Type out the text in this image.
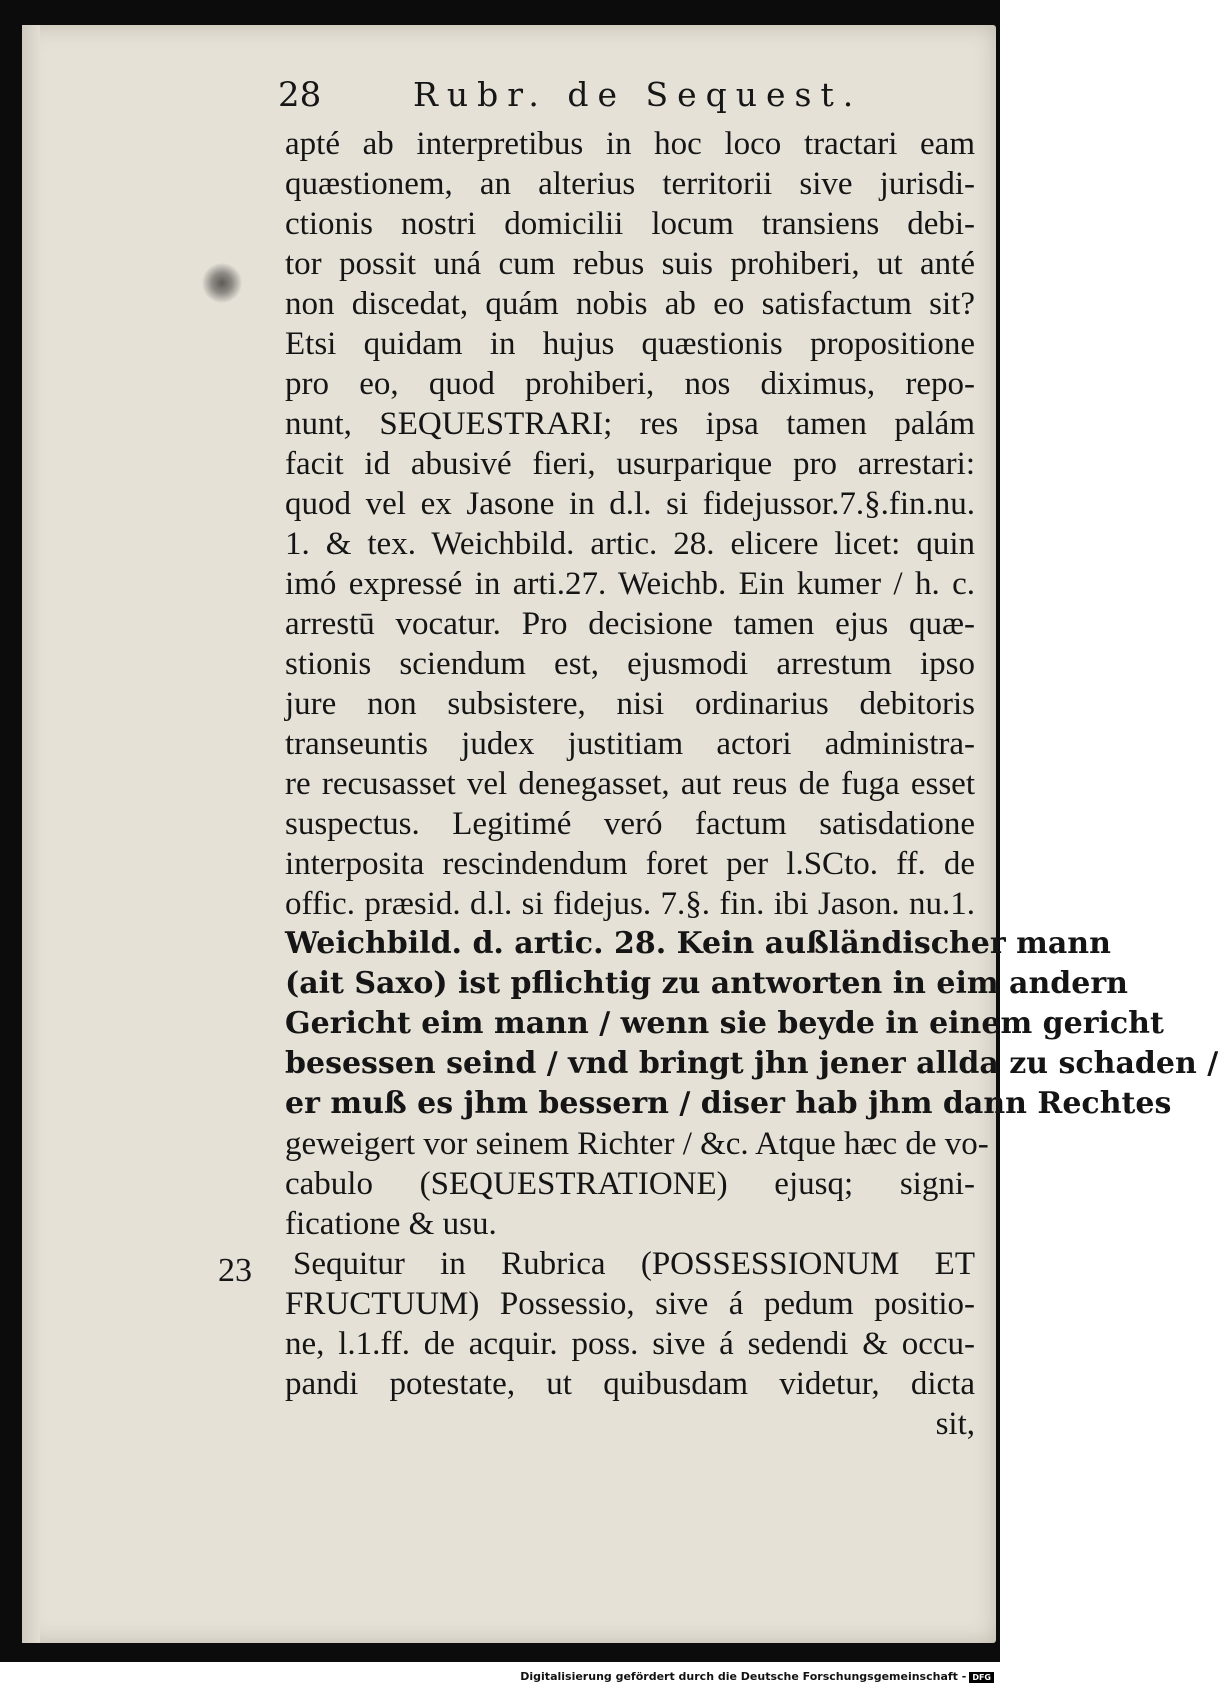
28	Rubr. de Sequest.
23
apté ab interpretibus in hoc loco tractari eam
quæstionem, an alterius territorii sive jurisdi-
ctionis nostri domicilii locum transiens debi-
tor possit uná cum rebus suis prohiberi, ut anté
non discedat, quám nobis ab eo satisfactum sit?
Etsi quidam in hujus quæstionis propositione
pro eo, quod prohiberi, nos diximus, repo-
nunt, SEQUESTRARI; res ipsa tamen palám
facit id abusivé fieri, usurparique pro arrestari:
quod vel ex Jasone in d.l. si fidejussor.7.§.fin.nu.
1. & tex. Weichbild. artic. 28. elicere licet: quin
imó expressé in arti.27. Weichb. Ein kumer / h. c.
arrestū vocatur. Pro decisione tamen ejus quæ-
stionis sciendum est, ejusmodi arrestum ipso
jure non subsistere, nisi ordinarius debitoris
transeuntis judex justitiam actori administra-
re recusasset vel denegasset, aut reus de fuga esset
suspectus. Legitimé veró factum satisdatione
interposita rescindendum foret per l.SCto. ff. de
offic. præsid. d.l. si fidejus. 7.§. fin. ibi Jason. nu.1.
Weichbild. d. artic. 28. Kein außländischer mann
(ait Saxo) ist pflichtig zu antworten in eim andern
Gericht eim mann / wenn sie beyde in einem gericht
besessen seind / vnd bringt jhn jener allda zu schaden /
er muß es jhm bessern / diser hab jhm dann Rechtes
geweigert vor seinem Richter / &c. Atque hæc de vo-
cabulo (SEQUESTRATIONE) ejusq; signi-
ficatione & usu.
Sequitur in Rubrica (POSSESSIONUM ET
FRUCTUUM) Possessio, sive á pedum positio-
ne, l.1.ff. de acquir. poss. sive á sedendi & occu-
pandi potestate, ut quibusdam videtur, dicta
sit,
Digitalisierung gefördert durch die Deutsche Forschungsgemeinschaft - DFG
